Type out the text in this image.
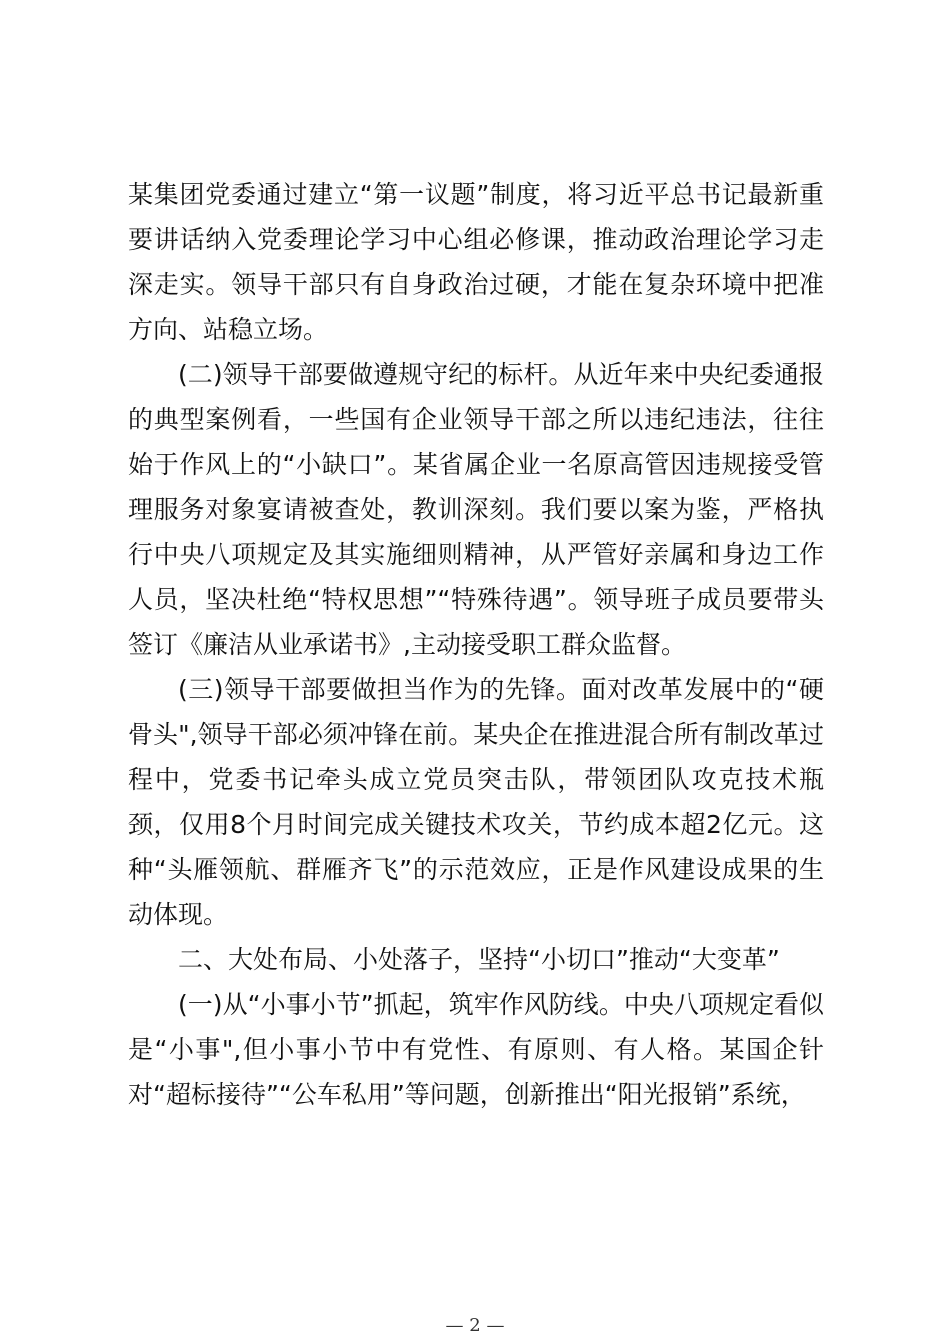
某集团党委通过建立“第一议题”制度，将习近平总书记最新重要讲话纳入党委理论学习中心组必修课，推动政治理论学习走深走实。领导干部只有自身政治过硬，才能在复杂环境中把准方向、站稳立场。

(二)领导干部要做遵规守纪的标杆。从近年来中央纪委通报的典型案例看，一些国有企业领导干部之所以违纪违法，往往始于作风上的“小缺口”。某省属企业一名原高管因违规接受管理服务对象宴请被查处，教训深刻。我们要以案为鉴，严格执行中央八项规定及其实施细则精神，从严管好亲属和身边工作人员，坚决杜绝“特权思想”“特殊待遇”。领导班子成员要带头签订《廉洁从业承诺书》,主动接受职工群众监督。

(三)领导干部要做担当作为的先锋。面对改革发展中的“硬骨头",领导干部必须冲锋在前。某央企在推进混合所有制改革过程中，党委书记牵头成立党员突击队，带领团队攻克技术瓶颈，仅用8个月时间完成关键技术攻关，节约成本超2亿元。这种“头雁领航、群雁齐飞”的示范效应，正是作风建设成果的生动体现。

二、大处布局、小处落子，坚持“小切口”推动“大变革”

(一)从“小事小节”抓起，筑牢作风防线。中央八项规定看似是“小事",但小事小节中有党性、有原则、有人格。某国企针对“超标接待”“公车私用”等问题，创新推出“阳光报销”系统，

— 2 —
